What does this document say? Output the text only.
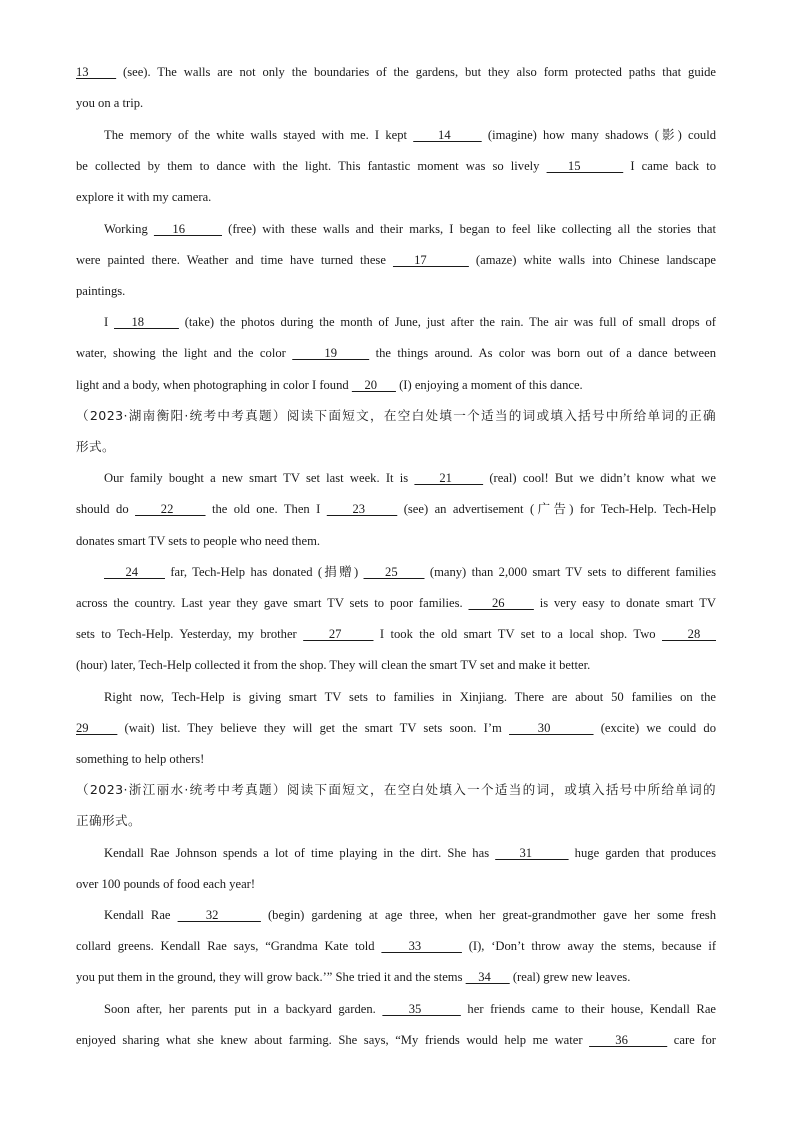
13     (see). The walls are not only the boundaries of the gardens, but they also form protected paths that guide
you on a trip.
The memory of the white walls stayed with me. I kept     14      (imagine) how many shadows (影) could
be collected by them to dance with the light. This fantastic moment was so lively    15       I came back to
explore it with my camera.
Working    16       (free) with these walls and their marks, I began to feel like collecting all the stories that
were painted there. Weather and time have turned these    17       (amaze) white walls into Chinese landscape
paintings.
I    18       (take) the photos during the month of June, just after the rain. The air was full of small drops of
water, showing the light and the color      19      the things around. As color was born out of a dance between
light and a body, when photographing in color I found     20       (I) enjoying a moment of this dance.
（2023·湖南衡阳·统考中考真题）阅读下面短文，在空白处填一个适当的词或填入括号中所给单词的正确
形式。
Our family bought a new smart TV set last week. It is     21      (real) cool! But we didn’t know what we
should do     22      the old one. Then I     23      (see) an advertisement (广告) for Tech-Help. Tech-Help
donates smart TV sets to people who need them.
24      far, Tech-Help has donated (捐赠)     25      (many) than 2,000 smart TV sets to different families
across the country. Last year they gave smart TV sets to poor families.     26      is very easy to donate smart TV
sets to Tech-Help. Yesterday, my brother     27      I took the old smart TV set to a local shop. Two     28
(hour) later, Tech-Help collected it from the shop. They will clean the smart TV set and make it better.
Right now, Tech-Help is giving smart TV sets to families in Xinjiang. There are about 50 families on the
29     (wait) list. They believe they will get the smart TV sets soon. I’m     30       (excite) we could do
something to help others!
（2023·浙江丽水·统考中考真题）阅读下面短文，在空白处填入一个适当的词，或填入括号中所给单词的
正确形式。
Kendall Rae Johnson spends a lot of time playing in the dirt. She has     31       huge garden that produces
over 100 pounds of food each year!
Kendall Rae     32       (begin) gardening at age three, when her great-grandmother gave her some fresh
collard greens. Kendall Rae says, “Grandma Kate told     33       (I), ‘Don’t throw away the stems, because if
you put them in the ground, they will grow back.’” She tried it and the stems     34       (real) grew new leaves.
Soon after, her parents put in a backyard garden.     35       her friends came to their house, Kendall Rae
enjoyed sharing what she knew about farming. She says, “My friends would help me water     36       care for
